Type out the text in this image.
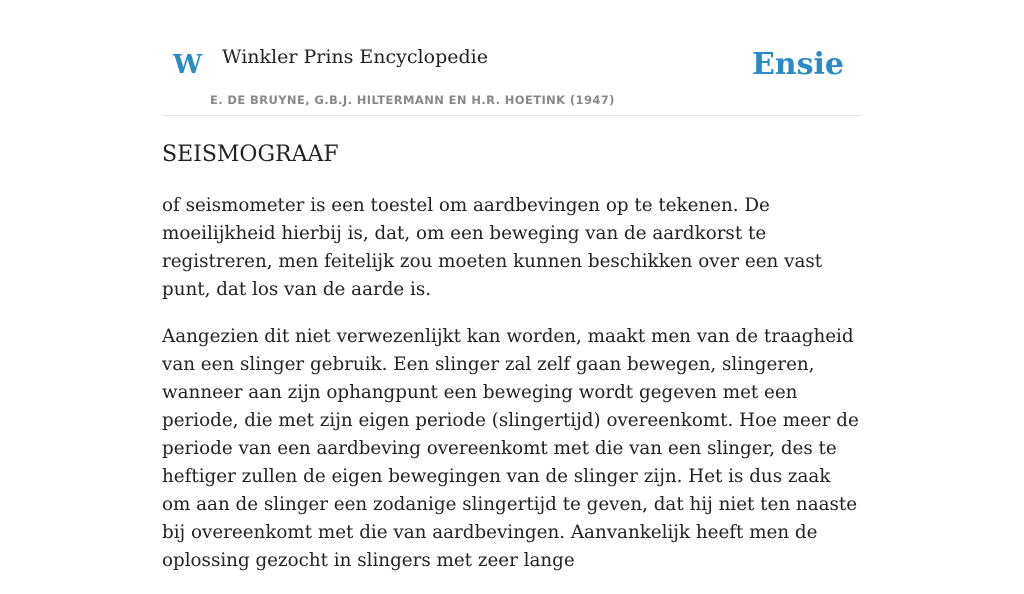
W Winkler Prins Encyclopedie
E. DE BRUYNE, G.B.J. HILTERMANN EN H.R. HOETINK (1947)
Ensie
SEISMOGRAAF

of seismometer is een toestel om aardbevingen op te tekenen. De moeilijkheid hierbij is, dat, om een beweging van de aardkorst te registreren, men feitelijk zou moeten kunnen beschikken over een vast punt, dat los van de aarde is.

Aangezien dit niet verwezenlijkt kan worden, maakt men van de traagheid van een slinger gebruik. Een slinger zal zelf gaan bewegen, slingeren, wanneer aan zijn ophangpunt een beweging wordt gegeven met een periode, die met zijn eigen periode (slingertijd) overeenkomt. Hoe meer de periode van een aardbeving overeenkomt met die van een slinger, des te heftiger zullen de eigen bewegingen van de slinger zijn. Het is dus zaak om aan de slinger een zodanige slingertijd te geven, dat hij niet ten naaste bij overeenkomt met die van aardbevingen. Aanvankelijk heeft men de oplossing gezocht in slingers met zeer lange
